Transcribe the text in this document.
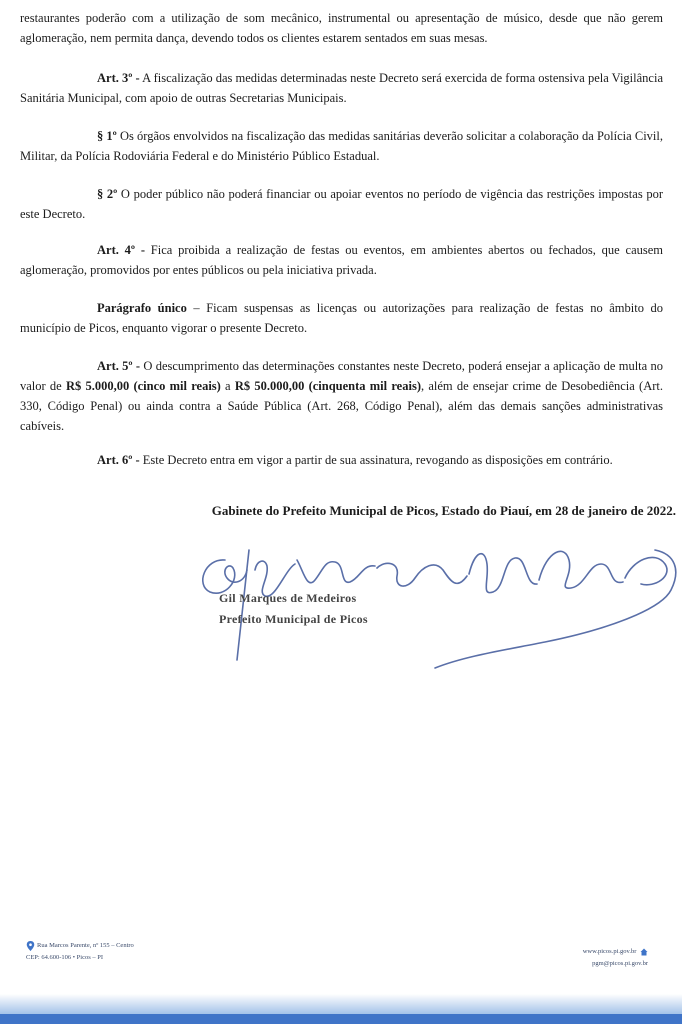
restaurantes poderão com a utilização de som mecânico, instrumental ou apresentação de músico, desde que não gerem aglomeração, nem permita dança, devendo todos os clientes estarem sentados em suas mesas.

Art. 3º - A fiscalização das medidas determinadas neste Decreto será exercida de forma ostensiva pela Vigilância Sanitária Municipal, com apoio de outras Secretarias Municipais.

§ 1º Os órgãos envolvidos na fiscalização das medidas sanitárias deverão solicitar a colaboração da Polícia Civil, Militar, da Polícia Rodoviária Federal e do Ministério Público Estadual.

§ 2º O poder público não poderá financiar ou apoiar eventos no período de vigência das restrições impostas por este Decreto.

Art. 4º - Fica proibida a realização de festas ou eventos, em ambientes abertos ou fechados, que causem aglomeração, promovidos por entes públicos ou pela iniciativa privada.

Parágrafo único – Ficam suspensas as licenças ou autorizações para realização de festas no âmbito do município de Picos, enquanto vigorar o presente Decreto.

Art. 5º - O descumprimento das determinações constantes neste Decreto, poderá ensejar a aplicação de multa no valor de R$ 5.000,00 (cinco mil reais) a R$ 50.000,00 (cinquenta mil reais), além de ensejar crime de Desobediência (Art. 330, Código Penal) ou ainda contra a Saúde Pública (Art. 268, Código Penal), além das demais sanções administrativas cabíveis.

Art. 6º - Este Decreto entra em vigor a partir de sua assinatura, revogando as disposições em contrário.

Gabinete do Prefeito Municipal de Picos, Estado do Piauí, em 28 de janeiro de 2022.

Gil Marques de Medeiros

Prefeito Municipal de Picos

Rua Marcos Parente, nº 155 – Centro
CEP: 64.600-106 • Picos – PI
www.picos.pi.gov.br
pgm@picos.pi.gov.br
